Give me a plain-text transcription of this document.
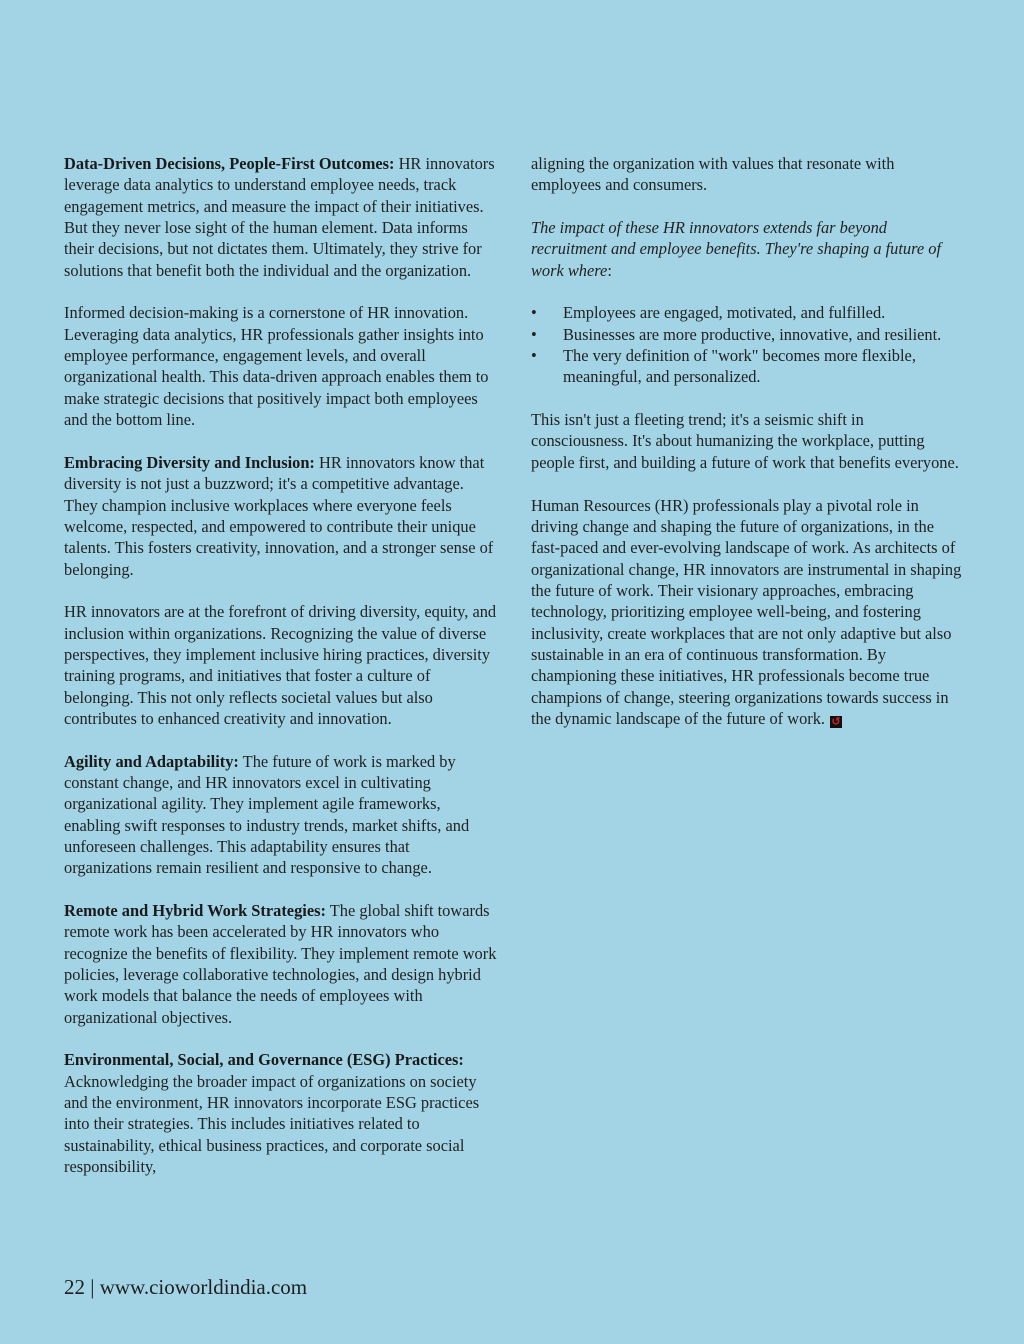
Data-Driven Decisions, People-First Outcomes: HR innovators leverage data analytics to understand employee needs, track engagement metrics, and measure the impact of their initiatives. But they never lose sight of the human element. Data informs their decisions, but not dictates them. Ultimately, they strive for solutions that benefit both the individual and the organization.

Informed decision-making is a cornerstone of HR innovation. Leveraging data analytics, HR professionals gather insights into employee performance, engagement levels, and overall organizational health. This data-driven approach enables them to make strategic decisions that positively impact both employees and the bottom line.

Embracing Diversity and Inclusion: HR innovators know that diversity is not just a buzzword; it's a competitive advantage. They champion inclusive workplaces where everyone feels welcome, respected, and empowered to contribute their unique talents. This fosters creativity, innovation, and a stronger sense of belonging.

HR innovators are at the forefront of driving diversity, equity, and inclusion within organizations. Recognizing the value of diverse perspectives, they implement inclusive hiring practices, diversity training programs, and initiatives that foster a culture of belonging. This not only reflects societal values but also contributes to enhanced creativity and innovation.

Agility and Adaptability: The future of work is marked by constant change, and HR innovators excel in cultivating organizational agility. They implement agile frameworks, enabling swift responses to industry trends, market shifts, and unforeseen challenges. This adaptability ensures that organizations remain resilient and responsive to change.

Remote and Hybrid Work Strategies: The global shift towards remote work has been accelerated by HR innovators who recognize the benefits of flexibility. They implement remote work policies, leverage collaborative technologies, and design hybrid work models that balance the needs of employees with organizational objectives.

Environmental, Social, and Governance (ESG) Practices: Acknowledging the broader impact of organizations on society and the environment, HR innovators incorporate ESG practices into their strategies. This includes initiatives related to sustainability, ethical business practices, and corporate social responsibility,

aligning the organization with values that resonate with employees and consumers.

The impact of these HR innovators extends far beyond recruitment and employee benefits. They're shaping a future of work where:

• Employees are engaged, motivated, and fulfilled.
• Businesses are more productive, innovative, and resilient.
• The very definition of "work" becomes more flexible, meaningful, and personalized.

This isn't just a fleeting trend; it's a seismic shift in consciousness. It's about humanizing the workplace, putting people first, and building a future of work that benefits everyone.

Human Resources (HR) professionals play a pivotal role in driving change and shaping the future of organizations, in the fast-paced and ever-evolving landscape of work. As architects of organizational change, HR innovators are instrumental in shaping the future of work. Their visionary approaches, embracing technology, prioritizing employee well-being, and fostering inclusivity, create workplaces that are not only adaptive but also sustainable in an era of continuous transformation. By championing these initiatives, HR professionals become true champions of change, steering organizations towards success in the dynamic landscape of the future of work. ↺

22 | www.cioworldindia.com
